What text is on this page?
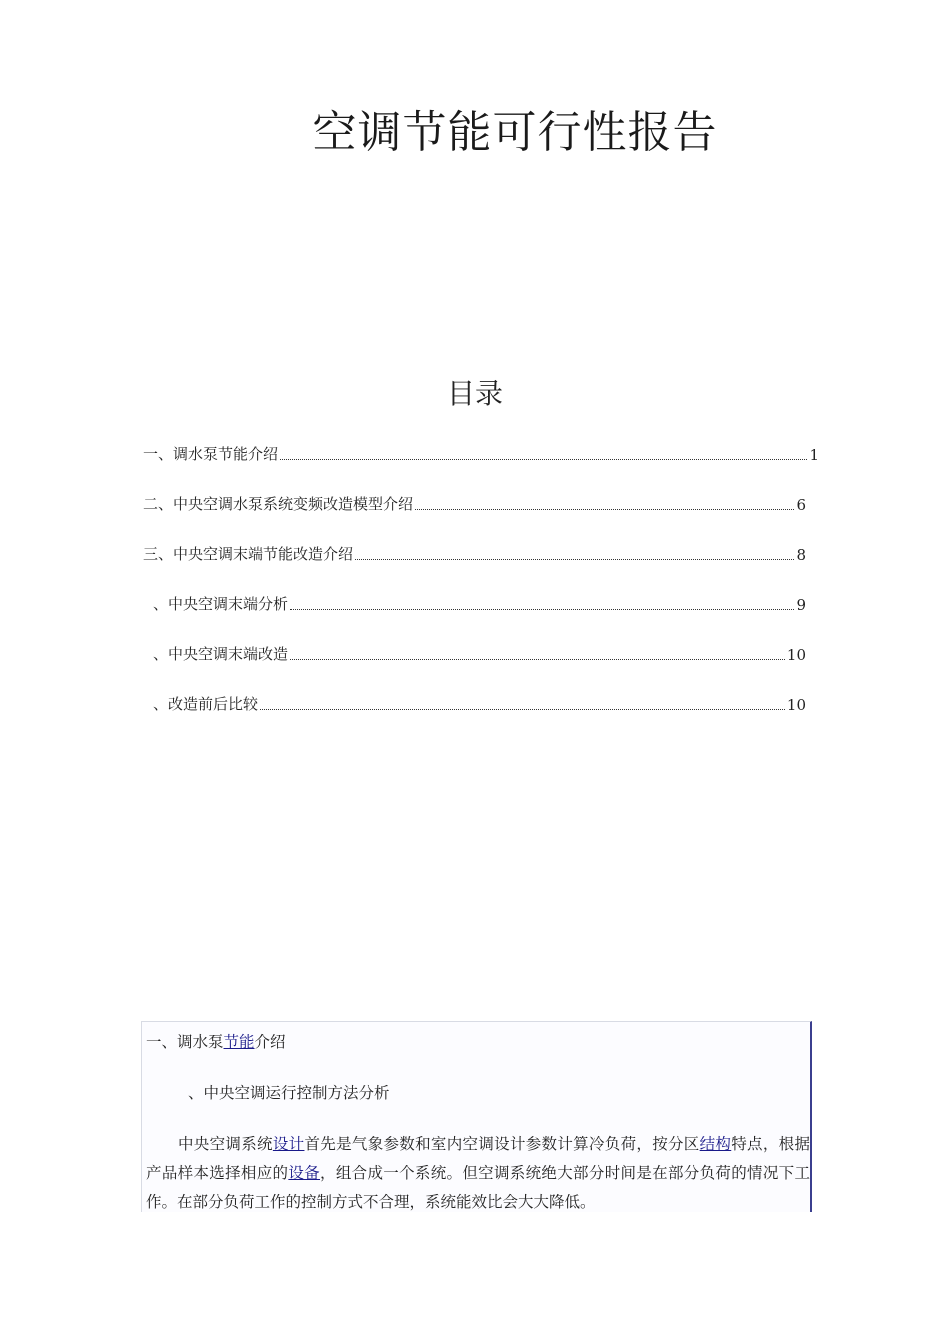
空调节能可行性报告
目录
一、调水泵节能介绍	1
二、中央空调水泵系统变频改造模型介绍	6
三、中央空调末端节能改造介绍	8
、中央空调末端分析	9
、中央空调末端改造	10
、改造前后比较	10
一、调水泵节能介绍
、中央空调运行控制方法分析
中央空调系统设计首先是气象参数和室内空调设计参数计算冷负荷，按分区结构特点，根据产品样本选择相应的设备，组合成一个系统。但空调系统绝大部分时间是在部分负荷的情况下工作。在部分负荷工作的控制方式不合理，系统能效比会大大降低。
